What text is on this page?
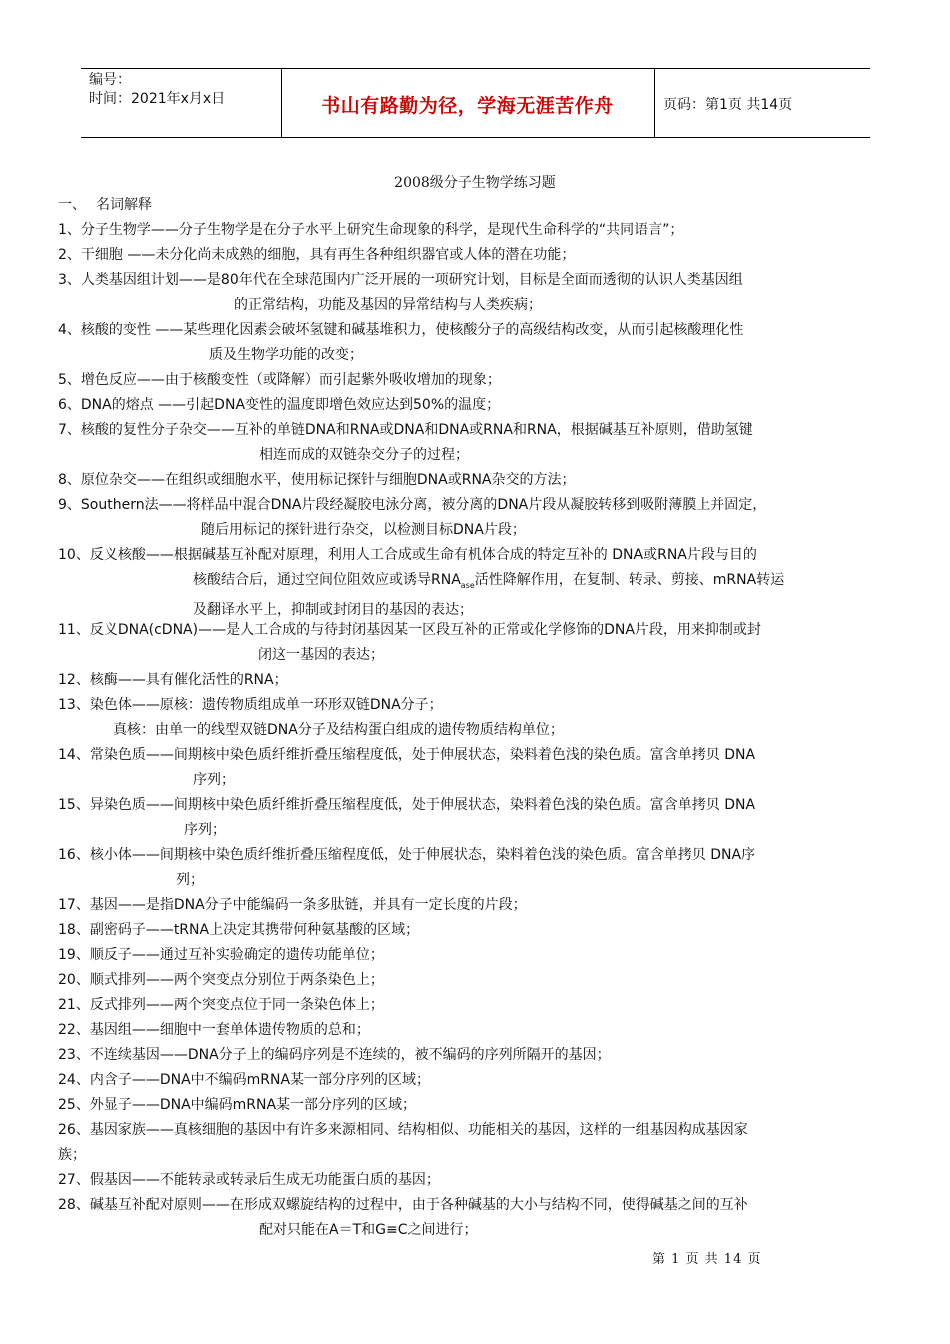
编号：
时间：2021年x月x日	书山有路勤为径，学海无涯苦作舟	页码：第1页 共14页
2008级分子生物学练习题
一、 名词解释
1、分子生物学——分子生物学是在分子水平上研究生命现象的科学，是现代生命科学的“共同语言”；
2、干细胞 ——未分化尚未成熟的细胞，具有再生各种组织器官或人体的潜在功能；
3、人类基因组计划——是80年代在全球范围内广泛开展的一项研究计划，目标是全面而透彻的认识人类基因组
的正常结构，功能及基因的异常结构与人类疾病；
4、核酸的变性 ——某些理化因素会破坏氢键和碱基堆积力，使核酸分子的高级结构改变，从而引起核酸理化性
质及生物学功能的改变；
5、增色反应——由于核酸变性（或降解）而引起紫外吸收增加的现象；
6、DNA的熔点 ——引起DNA变性的温度即增色效应达到50%的温度；
7、核酸的复性分子杂交——互补的单链DNA和RNA或DNA和DNA或RNA和RNA，根据碱基互补原则，借助氢键
相连而成的双链杂交分子的过程；
8、原位杂交——在组织或细胞水平，使用标记探针与细胞DNA或RNA杂交的方法；
9、Southern法——将样品中混合DNA片段经凝胶电泳分离，被分离的DNA片段从凝胶转移到吸附薄膜上并固定，
随后用标记的探针进行杂交，以检测目标DNA片段；
10、反义核酸——根据碱基互补配对原理，利用人工合成或生命有机体合成的特定互补的 DNA或RNA片段与目的
核酸结合后，通过空间位阻效应或诱导$RNA_{ase}$活性降解作用，在复制、转录、剪接、mRNA转运
及翻译水平上，抑制或封闭目的基因的表达；
11、反义DNA(cDNA)——是人工合成的与待封闭基因某一区段互补的正常或化学修饰的DNA片段，用来抑制或封
闭这一基因的表达；
12、核酶——具有催化活性的RNA；
13、染色体——原核：遗传物质组成单一环形双链DNA分子；
真核：由单一的线型双链DNA分子及结构蛋白组成的遗传物质结构单位；
14、常染色质——间期核中染色质纤维折叠压缩程度低，处于伸展状态，染料着色浅的染色质。富含单拷贝 DNA
序列；
15、异染色质——间期核中染色质纤维折叠压缩程度低，处于伸展状态，染料着色浅的染色质。富含单拷贝 DNA
序列；
16、核小体——间期核中染色质纤维折叠压缩程度低，处于伸展状态，染料着色浅的染色质。富含单拷贝 DNA序
列；
17、基因——是指DNA分子中能编码一条多肽链，并具有一定长度的片段；
18、副密码子——tRNA上决定其携带何种氨基酸的区域；
19、顺反子——通过互补实验确定的遗传功能单位；
20、顺式排列——两个突变点分别位于两条染色上；
21、反式排列——两个突变点位于同一条染色体上；
22、基因组——细胞中一套单体遗传物质的总和；
23、不连续基因——DNA分子上的编码序列是不连续的，被不编码的序列所隔开的基因；
24、内含子——DNA中不编码mRNA某一部分序列的区域；
25、外显子——DNA中编码mRNA某一部分序列的区域；
26、基因家族——真核细胞的基因中有许多来源相同、结构相似、功能相关的基因，这样的一组基因构成基因家
族；
27、假基因——不能转录或转录后生成无功能蛋白质的基因；
28、碱基互补配对原则——在形成双螺旋结构的过程中，由于各种碱基的大小与结构不同，使得碱基之间的互补
配对只能在A＝T和G≡C之间进行；
第 1 页 共 14 页
